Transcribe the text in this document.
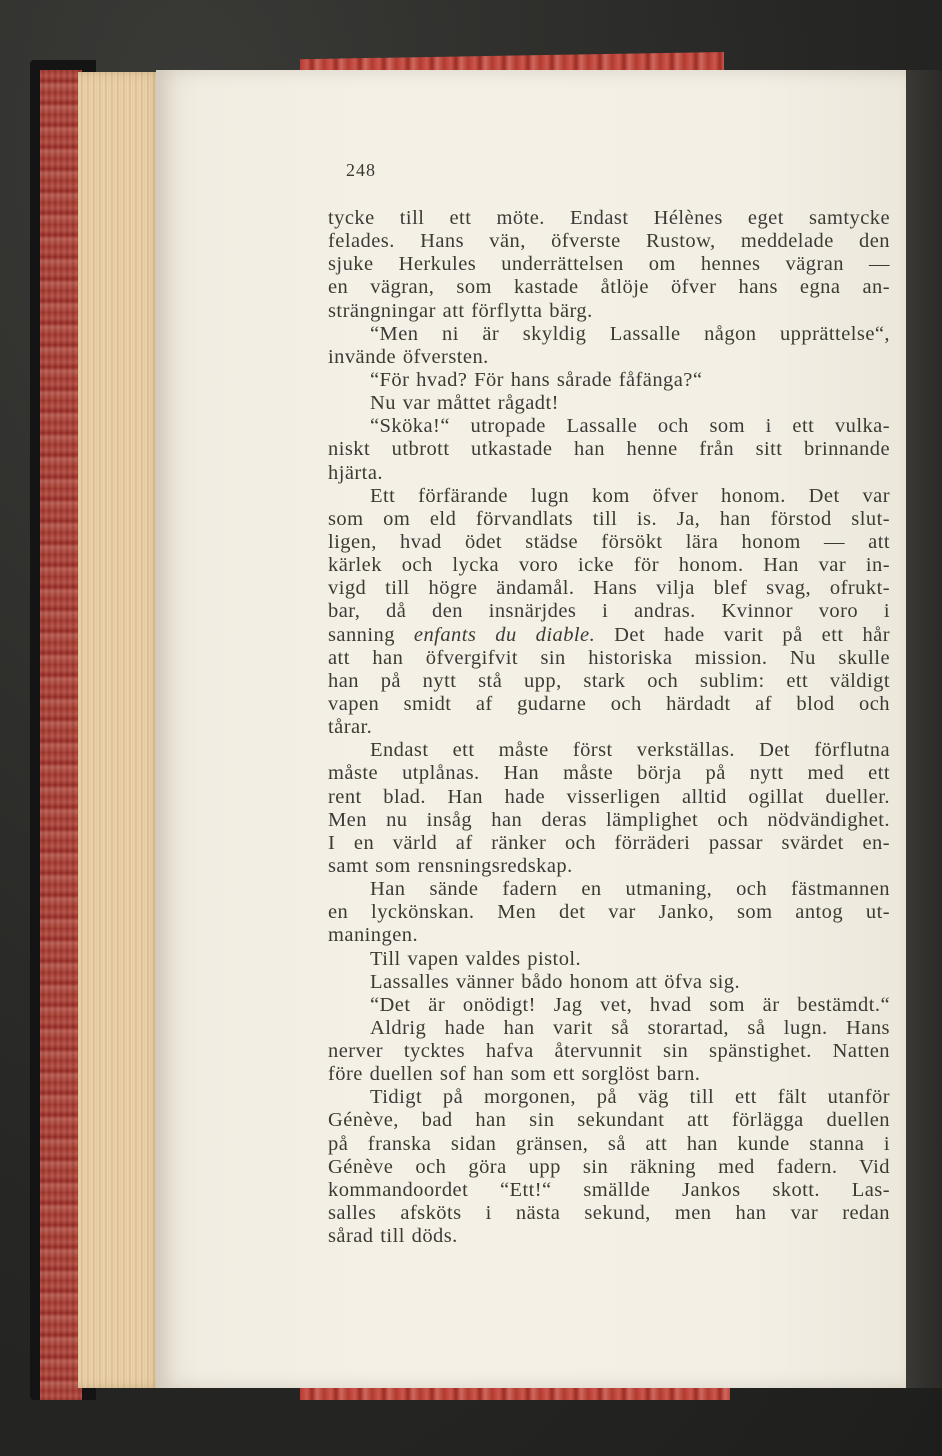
248
tycke till ett möte. Endast Hélènes eget samtycke
felades. Hans vän, öfverste Rustow, meddelade den
sjuke Herkules underrättelsen om hennes vägran —
en vägran, som kastade åtlöje öfver hans egna an-
strängningar att förflytta bärg.
“Men ni är skyldig Lassalle någon upprättelse“,
invände öfversten.
“För hvad? För hans sårade fåfänga?“
Nu var måttet rågadt!
“Sköka!“ utropade Lassalle och som i ett vulka-
niskt utbrott utkastade han henne från sitt brinnande
hjärta.
Ett förfärande lugn kom öfver honom. Det var
som om eld förvandlats till is. Ja, han förstod slut-
ligen, hvad ödet städse försökt lära honom — att
kärlek och lycka voro icke för honom. Han var in-
vigd till högre ändamål. Hans vilja blef svag, ofrukt-
bar, då den insnärjdes i andras. Kvinnor voro i
sanning enfants du diable. Det hade varit på ett hår
att han öfvergifvit sin historiska mission. Nu skulle
han på nytt stå upp, stark och sublim: ett väldigt
vapen smidt af gudarne och härdadt af blod och
tårar.
Endast ett måste först verkställas. Det förflutna
måste utplånas. Han måste börja på nytt med ett
rent blad. Han hade visserligen alltid ogillat dueller.
Men nu insåg han deras lämplighet och nödvändighet.
I en värld af ränker och förräderi passar svärdet en-
samt som rensningsredskap.
Han sände fadern en utmaning, och fästmannen
en lyckönskan. Men det var Janko, som antog ut-
maningen.
Till vapen valdes pistol.
Lassalles vänner bådo honom att öfva sig.
“Det är onödigt! Jag vet, hvad som är bestämdt.“
Aldrig hade han varit så storartad, så lugn. Hans
nerver tycktes hafva återvunnit sin spänstighet. Natten
före duellen sof han som ett sorglöst barn.
Tidigt på morgonen, på väg till ett fält utanför
Génève, bad han sin sekundant att förlägga duellen
på franska sidan gränsen, så att han kunde stanna i
Génève och göra upp sin räkning med fadern. Vid
kommandoordet “Ett!“ smällde Jankos skott. Las-
salles afsköts i nästa sekund, men han var redan
sårad till döds.
